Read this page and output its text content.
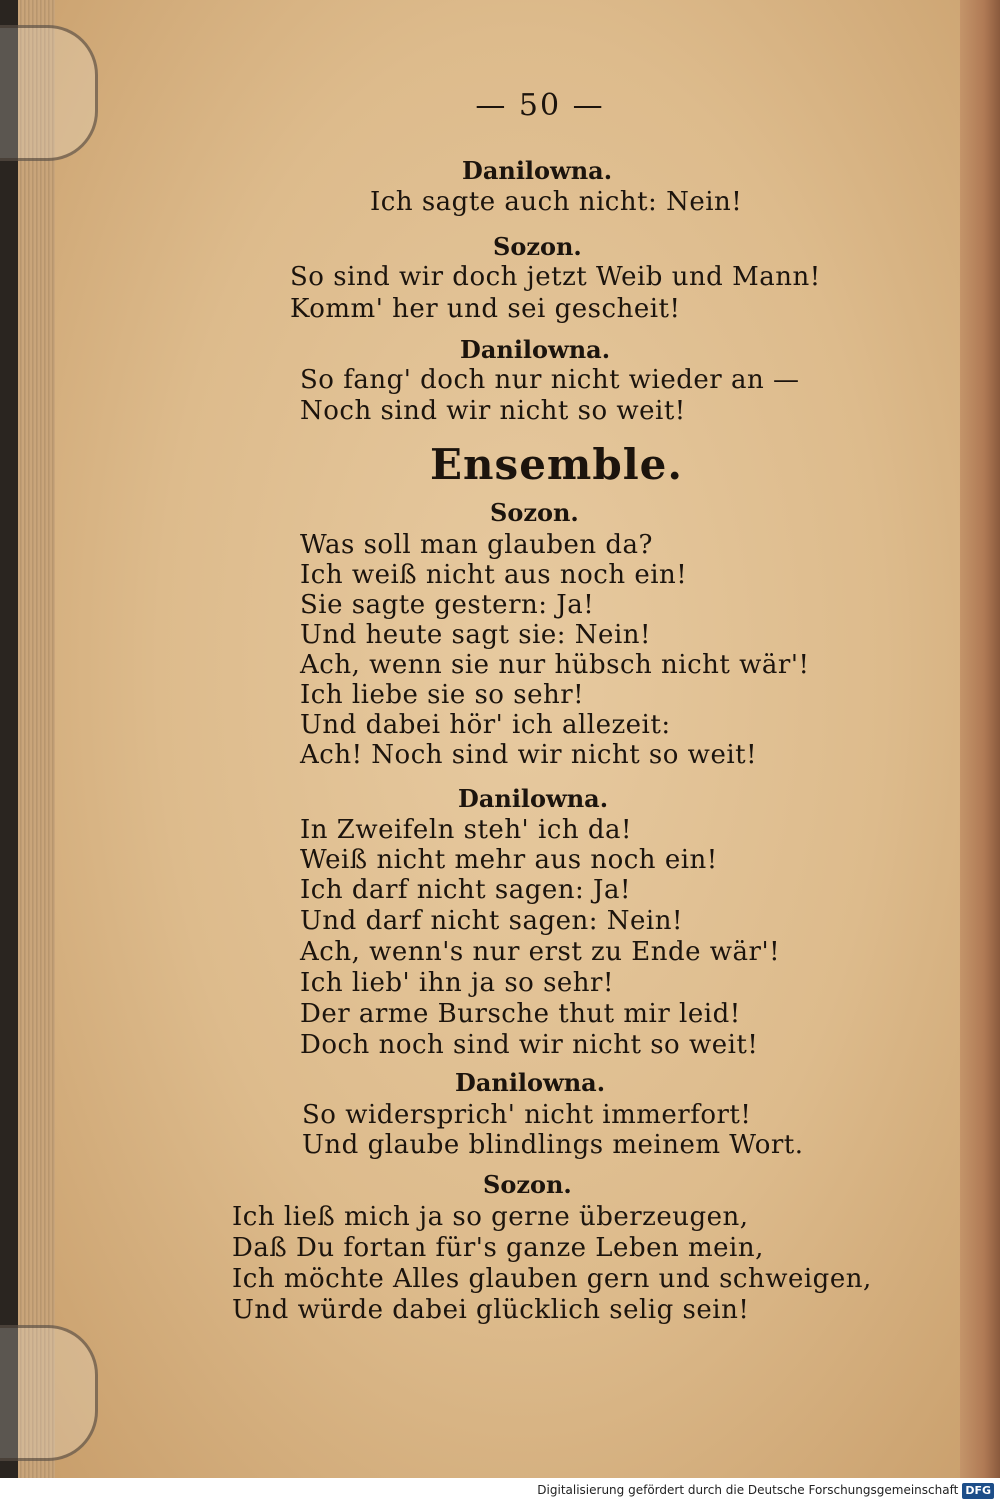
— 50 —
Danilowna.
Ich sagte auch nicht: Nein!
Sozon.
So sind wir doch jetzt Weib und Mann!
Komm' her und sei gescheit!
Danilowna.
So fang' doch nur nicht wieder an —
Noch sind wir nicht so weit!
Ensemble.
Sozon.
Was soll man glauben da?
Ich weiß nicht aus noch ein!
Sie sagte gestern: Ja!
Und heute sagt sie: Nein!
Ach, wenn sie nur hübsch nicht wär'!
Ich liebe sie so sehr!
Und dabei hör' ich allezeit:
Ach! Noch sind wir nicht so weit!
Danilowna.
In Zweifeln steh' ich da!
Weiß nicht mehr aus noch ein!
Ich darf nicht sagen: Ja!
Und darf nicht sagen: Nein!
Ach, wenn's nur erst zu Ende wär'!
Ich lieb' ihn ja so sehr!
Der arme Bursche thut mir leid!
Doch noch sind wir nicht so weit!
Danilowna.
So widersprich' nicht immerfort!
Und glaube blindlings meinem Wort.
Sozon.
Ich ließ mich ja so gerne überzeugen,
Daß Du fortan für's ganze Leben mein,
Ich möchte Alles glauben gern und schweigen,
Und würde dabei glücklich selig sein!
Digitalisierung gefördert durch die Deutsche Forschungsgemeinschaft DFG
